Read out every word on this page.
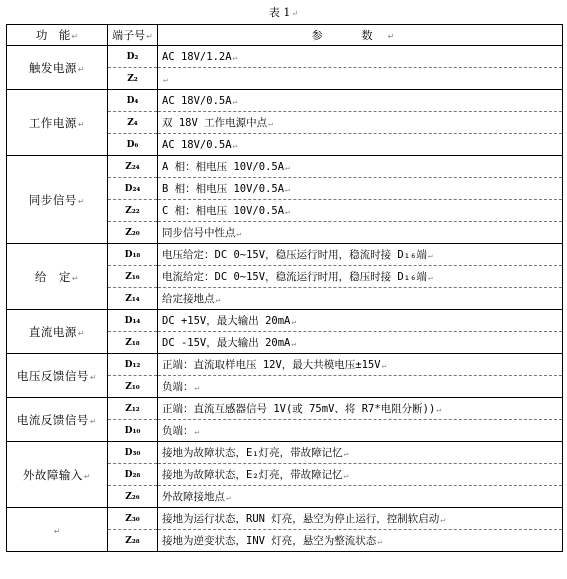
表 1↵
功　能↵	端子号↵	参　数↵
触发电源↵	D₂	AC 18V/1.2A↵
	Z₂	↵
工作电源↵	D₄	AC 18V/0.5A↵
	Z₄	双 18V 工作电源中点↵
	D₆	AC 18V/0.5A↵
同步信号↵	Z₂₄	A 相：相电压 10V/0.5A↵
	D₂₄	B 相：相电压 10V/0.5A↵
	Z₂₂	C 相：相电压 10V/0.5A↵
	Z₂₀	同步信号中性点↵
给　定↵	D₁₈	电压给定：DC 0~15V，稳压运行时用，稳流时接 D₁₆端↵
	Z₁₆	电流给定：DC 0~15V，稳流运行时用，稳压时接 D₁₆端↵
	Z₁₄	给定接地点↵
直流电源↵	D₁₄	DC +15V，最大输出 20mA↵
	Z₁₈	DC -15V，最大输出 20mA↵
电压反馈信号↵	D₁₂	正端：直流取样电压 12V，最大共模电压±15V↵
	Z₁₀	负端：↵
电流反馈信号↵	Z₁₂	正端：直流互感器信号 1V(或 75mV、将 R7*电阻分断))↵
	D₁₀	负端：↵
外故障输入↵	D₃₀	接地为故障状态，E₁灯亮，带故障记忆↵
	D₂₈	接地为故障状态，E₂灯亮，带故障记忆↵
	Z₂₆	外故障接地点↵
↵	Z₃₀	接地为运行状态，RUN 灯亮，悬空为停止运行，控制软启动↵
	Z₂₈	接地为逆变状态，INV 灯亮，悬空为整流状态↵
